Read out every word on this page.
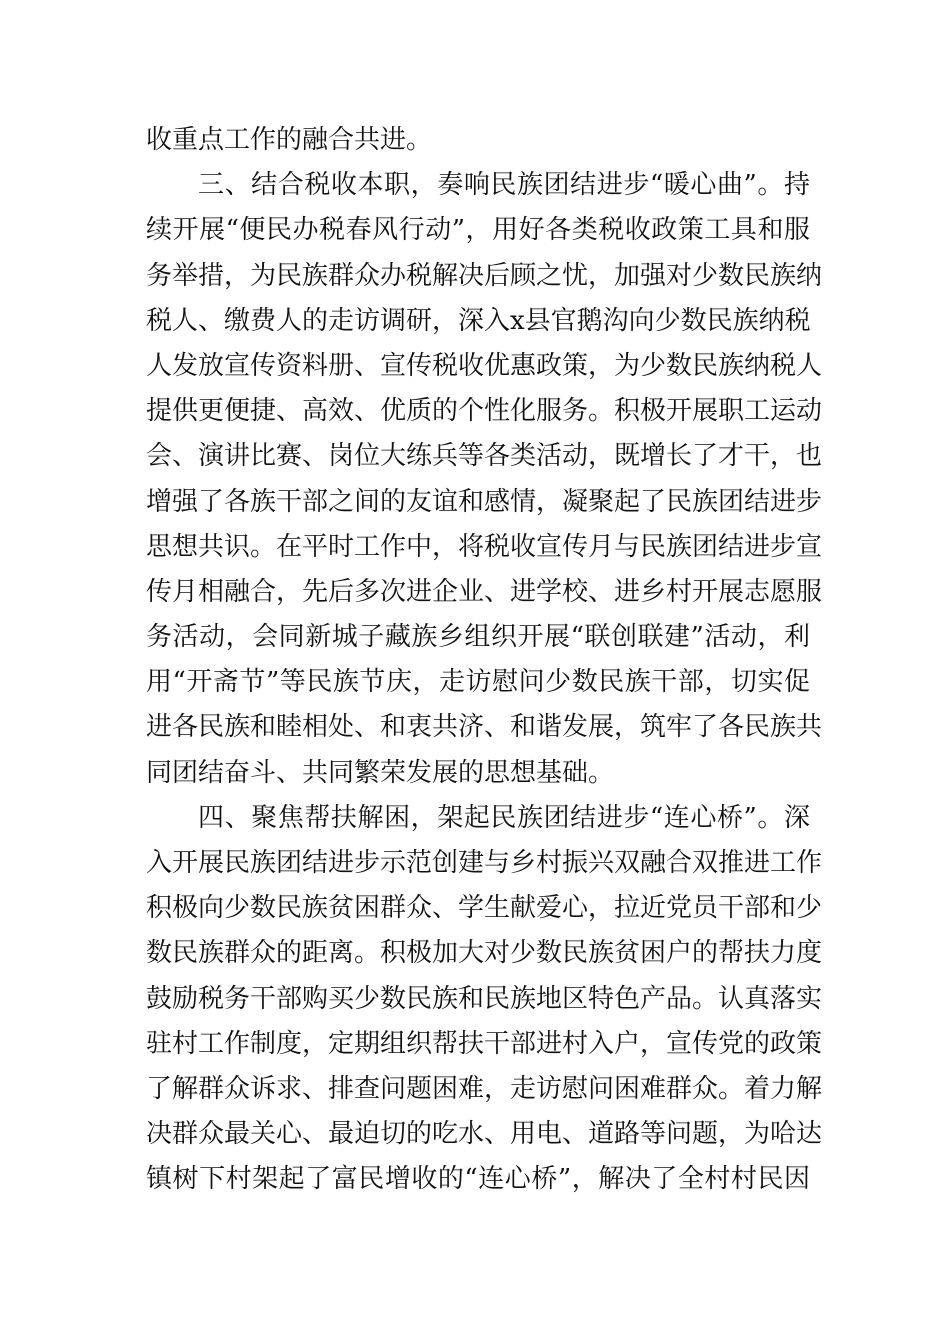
收重点工作的融合共进。
三、结合税收本职，奏响民族团结进步“暖心曲”。持
续开展“便民办税春风行动”，用好各类税收政策工具和服
务举措，为民族群众办税解决后顾之忧，加强对少数民族纳
税人、缴费人的走访调研，深入x县官鹅沟向少数民族纳税
人发放宣传资料册、宣传税收优惠政策，为少数民族纳税人
提供更便捷、高效、优质的个性化服务。积极开展职工运动
会、演讲比赛、岗位大练兵等各类活动，既增长了才干，也
增强了各族干部之间的友谊和感情，凝聚起了民族团结进步
思想共识。在平时工作中，将税收宣传月与民族团结进步宣
传月相融合，先后多次进企业、进学校、进乡村开展志愿服
务活动，会同新城子藏族乡组织开展“联创联建”活动，利
用“开斋节”等民族节庆，走访慰问少数民族干部，切实促
进各民族和睦相处、和衷共济、和谐发展，筑牢了各民族共
同团结奋斗、共同繁荣发展的思想基础。
四、聚焦帮扶解困，架起民族团结进步“连心桥”。深
入开展民族团结进步示范创建与乡村振兴双融合双推进工作
积极向少数民族贫困群众、学生献爱心，拉近党员干部和少
数民族群众的距离。积极加大对少数民族贫困户的帮扶力度
鼓励税务干部购买少数民族和民族地区特色产品。认真落实
驻村工作制度，定期组织帮扶干部进村入户，宣传党的政策
了解群众诉求、排查问题困难，走访慰问困难群众。着力解
决群众最关心、最迫切的吃水、用电、道路等问题，为哈达
镇树下村架起了富民增收的“连心桥”，解决了全村村民因
